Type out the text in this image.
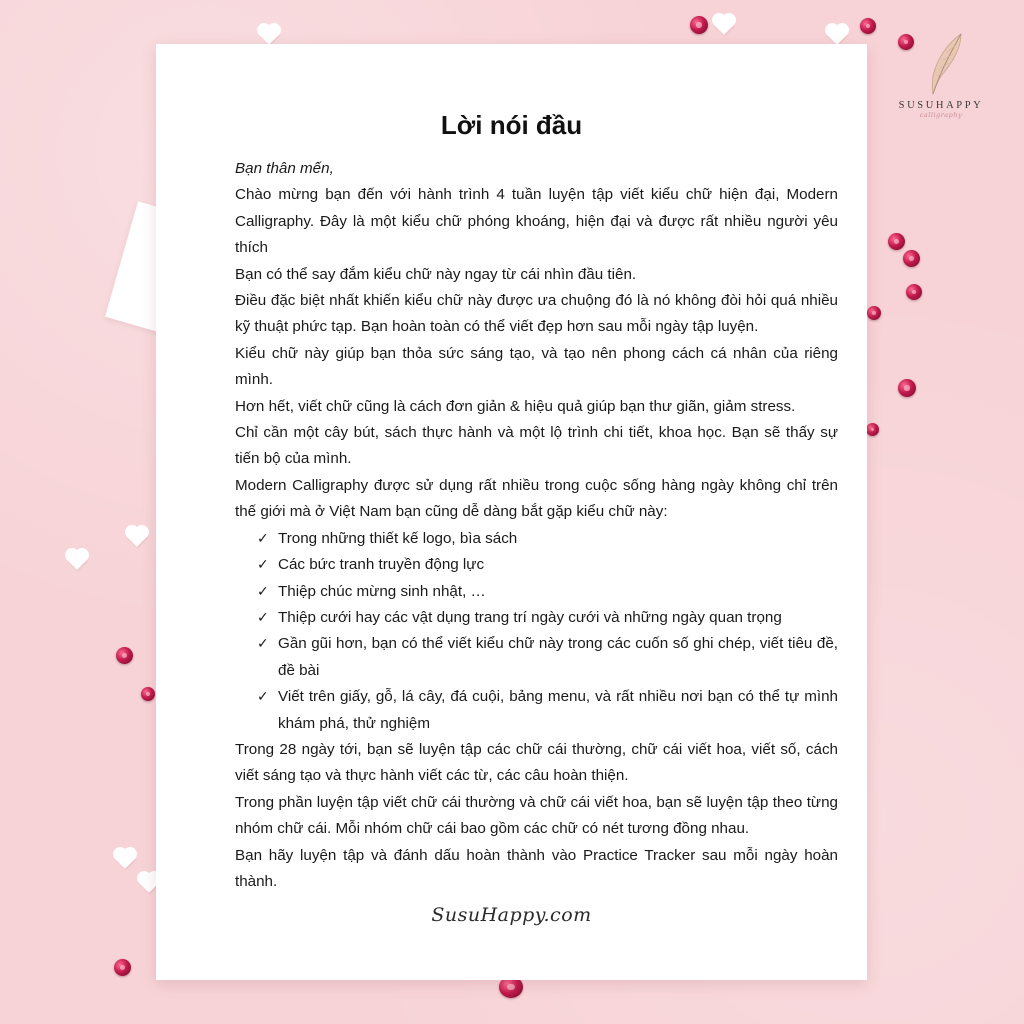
SUSUHAPPY
calligraphy
Lời nói đầu

Bạn thân mến,

Chào mừng bạn đến với hành trình 4 tuần luyện tập viết kiểu chữ hiện đại, Modern Calligraphy. Đây là một kiểu chữ phóng khoáng, hiện đại và được rất nhiều người yêu thích

Bạn có thể say đắm kiểu chữ này ngay từ cái nhìn đầu tiên.

Điều đặc biệt nhất khiến kiểu chữ này được ưa chuộng đó là nó không đòi hỏi quá nhiều kỹ thuật phức tạp. Bạn hoàn toàn có thể viết đẹp hơn sau mỗi ngày tập luyện.

Kiểu chữ này giúp bạn thỏa sức sáng tạo, và tạo nên phong cách cá nhân của riêng mình.

Hơn hết, viết chữ cũng là cách đơn giản & hiệu quả giúp bạn thư giãn, giảm stress.

Chỉ cần một cây bút, sách thực hành và một lộ trình chi tiết, khoa học. Bạn sẽ thấy sự tiến bộ của mình.

Modern Calligraphy được sử dụng rất nhiều trong cuộc sống hàng ngày không chỉ trên thế giới mà ở Việt Nam bạn cũng dễ dàng bắt gặp kiểu chữ này:

✓ Trong những thiết kế logo, bìa sách
✓ Các bức tranh truyền động lực
✓ Thiệp chúc mừng sinh nhật, …
✓ Thiệp cưới hay các vật dụng trang trí ngày cưới và những ngày quan trọng
✓ Gần gũi hơn, bạn có thể viết kiểu chữ này trong các cuốn số ghi chép, viết tiêu đề, đề bài
✓ Viết trên giấy, gỗ, lá cây, đá cuội, bảng menu, và rất nhiều nơi bạn có thể tự mình khám phá, thử nghiệm

Trong 28 ngày tới, bạn sẽ luyện tập các chữ cái thường, chữ cái viết hoa, viết số, cách viết sáng tạo và thực hành viết các từ, các câu hoàn thiện.

Trong phần luyện tập viết chữ cái thường và chữ cái viết hoa, bạn sẽ luyện tập theo từng nhóm chữ cái. Mỗi nhóm chữ cái bao gồm các chữ có nét tương đồng nhau.

Bạn hãy luyện tập và đánh dấu hoàn thành vào Practice Tracker sau mỗi ngày hoàn thành.

SusuHappy.com
